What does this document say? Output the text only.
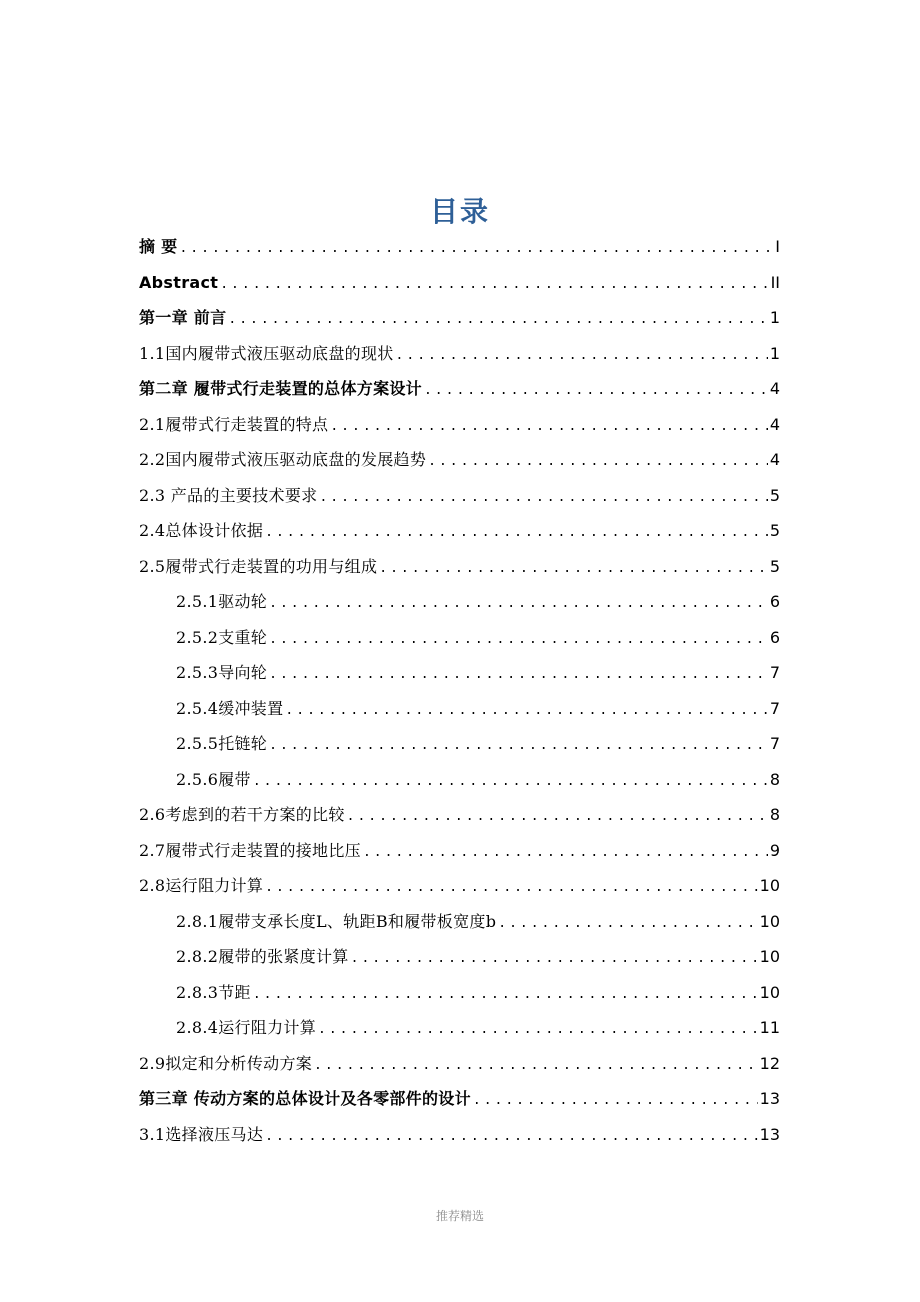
目录
摘 要 .....	I
Abstract .....	II
第一章 前言 .....	1
1.1国内履带式液压驱动底盘的现状 .....	1
第二章 履带式行走装置的总体方案设计 .....	4
2.1履带式行走装置的特点 .....	4
2.2国内履带式液压驱动底盘的发展趋势 .....	4
2.3 产品的主要技术要求 .....	5
2.4总体设计依据 .....	5
2.5履带式行走装置的功用与组成 .....	5
2.5.1驱动轮 .....	6
2.5.2支重轮 .....	6
2.5.3导向轮 .....	7
2.5.4缓冲装置 .....	7
2.5.5托链轮 .....	7
2.5.6履带 .....	8
2.6考虑到的若干方案的比较 .....	8
2.7履带式行走装置的接地比压 .....	9
2.8运行阻力计算 .....	10
2.8.1履带支承长度L、轨距B和履带板宽度b .....	10
2.8.2履带的张紧度计算 .....	10
2.8.3节距 .....	10
2.8.4运行阻力计算 .....	11
2.9拟定和分析传动方案 .....	12
第三章 传动方案的总体设计及各零部件的设计 .....	13
3.1选择液压马达 .....	13
推荐精选
